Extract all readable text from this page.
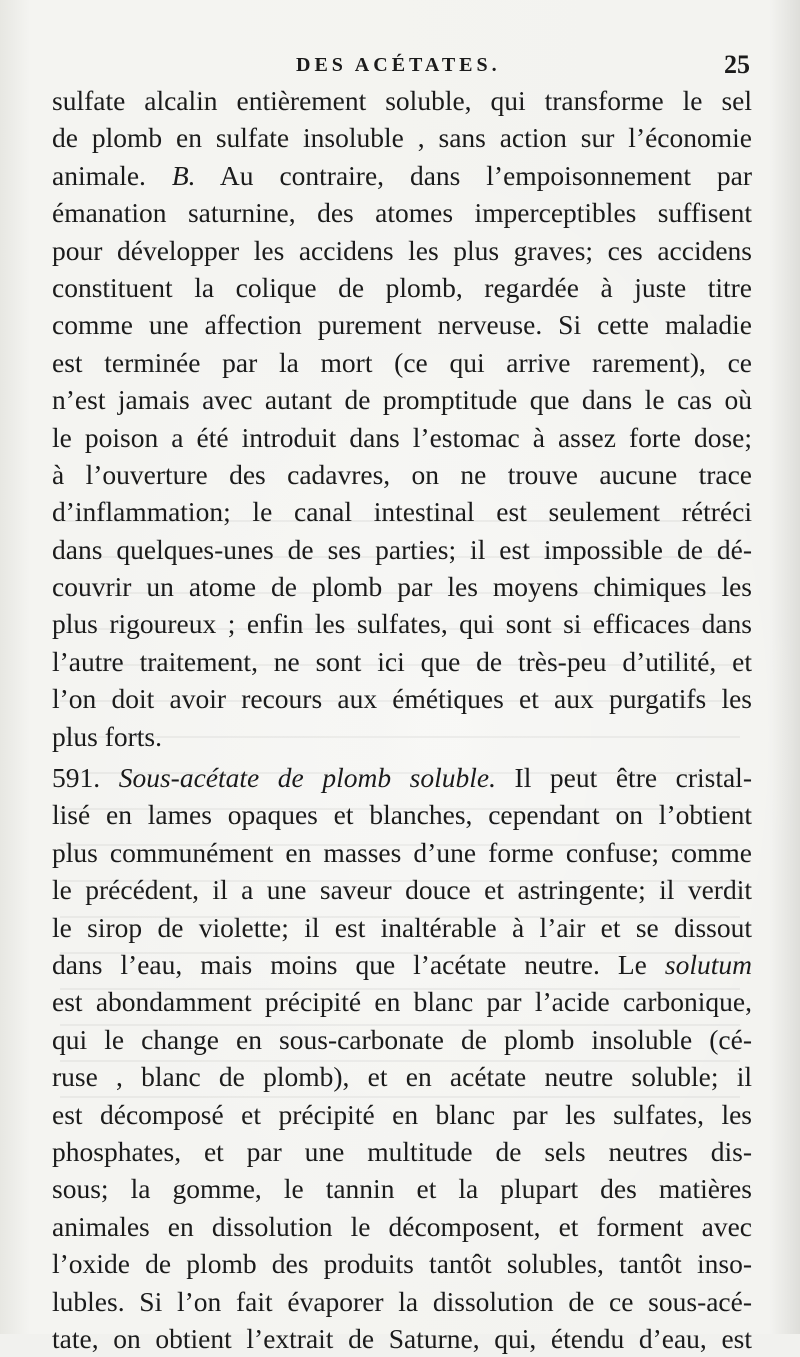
DES ACÉTATES.	25
sulfate alcalin entièrement soluble, qui transforme le sel
de plomb en sulfate insoluble , sans action sur l’économie
animale. B. Au contraire, dans l’empoisonnement par
émanation saturnine, des atomes imperceptibles suffisent
pour développer les accidens les plus graves; ces accidens
constituent la colique de plomb, regardée à juste titre
comme une affection purement nerveuse. Si cette maladie
est terminée par la mort (ce qui arrive rarement), ce
n’est jamais avec autant de promptitude que dans le cas où
le poison a été introduit dans l’estomac à assez forte dose;
à l’ouverture des cadavres, on ne trouve aucune trace
d’inflammation; le canal intestinal est seulement rétréci
dans quelques-unes de ses parties; il est impossible de dé-
couvrir un atome de plomb par les moyens chimiques les
plus rigoureux ; enfin les sulfates, qui sont si efficaces dans
l’autre traitement, ne sont ici que de très-peu d’utilité, et
l’on doit avoir recours aux émétiques et aux purgatifs les
plus forts.
591. Sous-acétate de plomb soluble. Il peut être cristal-
lisé en lames opaques et blanches, cependant on l’obtient
plus communément en masses d’une forme confuse; comme
le précédent, il a une saveur douce et astringente; il verdit
le sirop de violette; il est inaltérable à l’air et se dissout
dans l’eau, mais moins que l’acétate neutre. Le solutum
est abondamment précipité en blanc par l’acide carbonique,
qui le change en sous-carbonate de plomb insoluble (cé-
ruse , blanc de plomb), et en acétate neutre soluble; il
est décomposé et précipité en blanc par les sulfates, les
phosphates, et par une multitude de sels neutres dis-
sous; la gomme, le tannin et la plupart des matières
animales en dissolution le décomposent, et forment avec
l’oxide de plomb des produits tantôt solubles, tantôt inso-
lubles. Si l’on fait évaporer la dissolution de ce sous-acé-
tate, on obtient l’extrait de Saturne, qui, étendu d’eau, est
